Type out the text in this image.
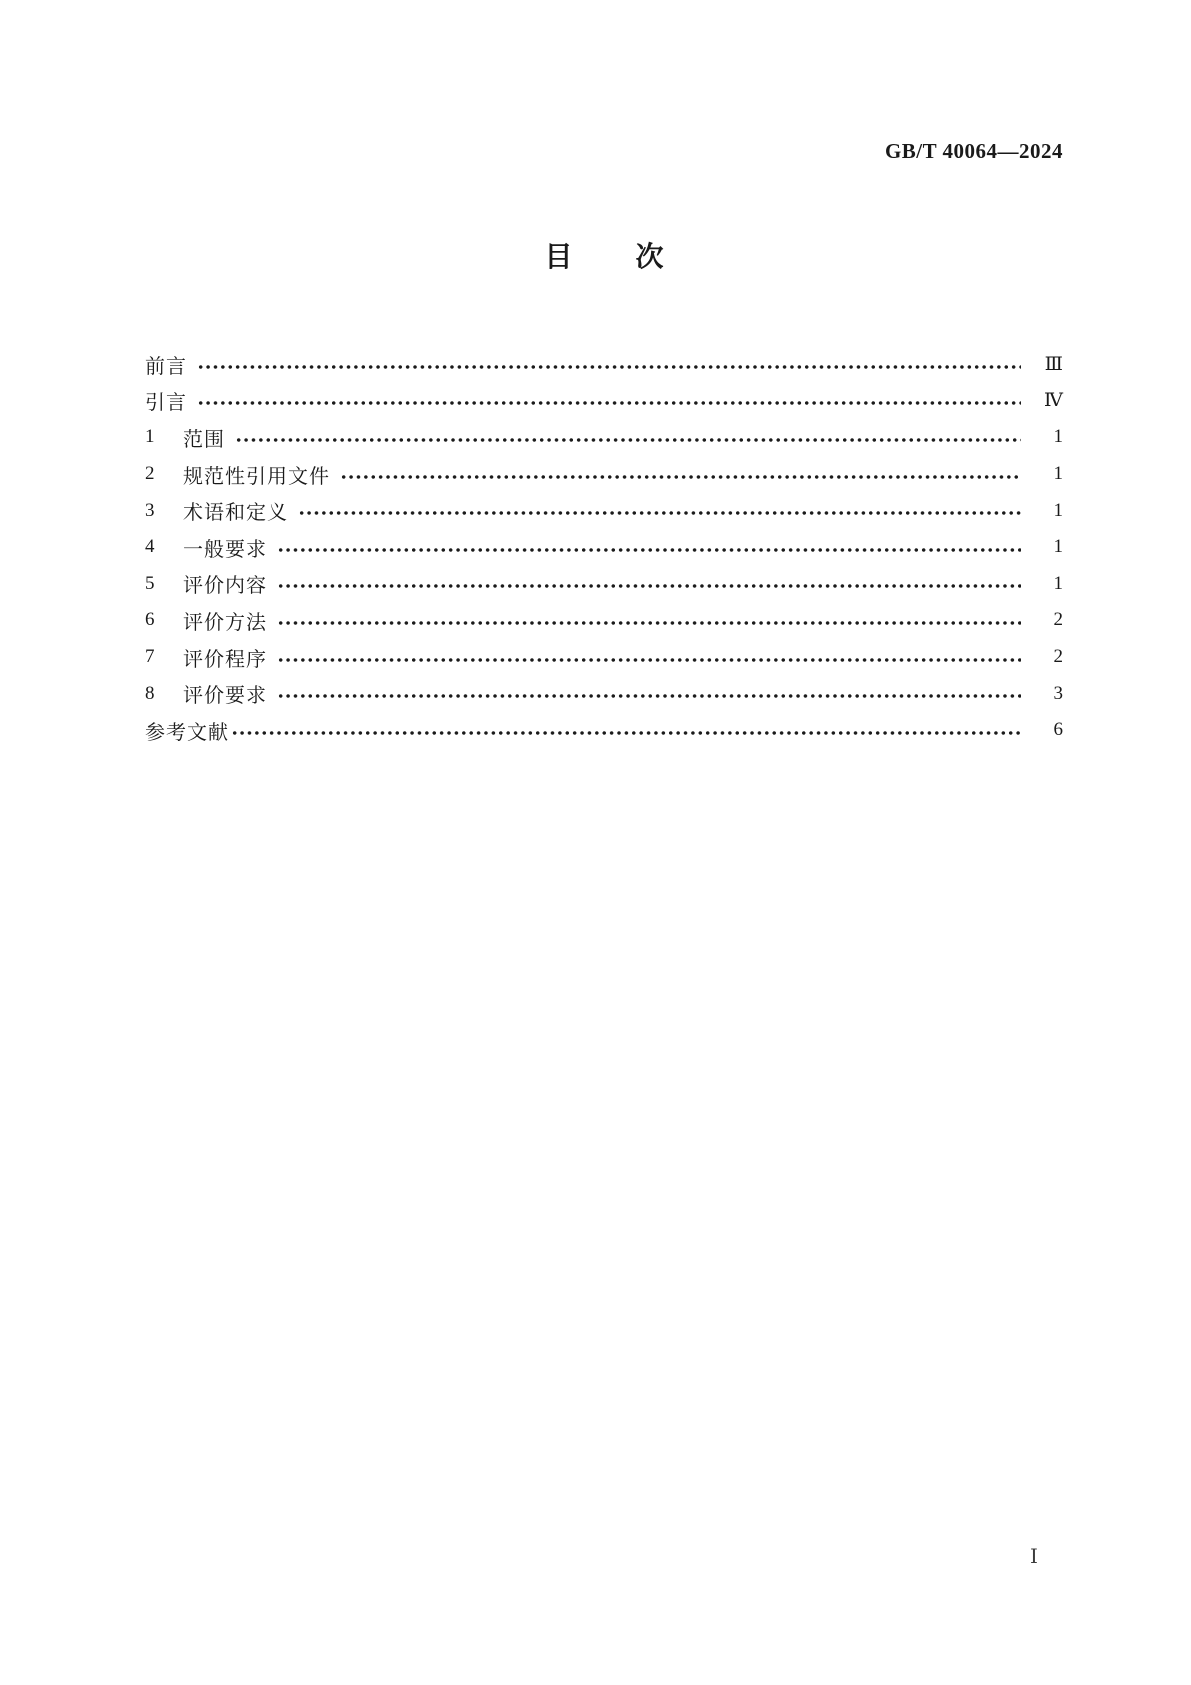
GB/T 40064—2024
目 次
前言	Ⅲ
引言	Ⅳ
1	范围	1
2	规范性引用文件	1
3	术语和定义	1
4	一般要求	1
5	评价内容	1
6	评价方法	2
7	评价程序	2
8	评价要求	3
参考文献	6
Ⅰ
